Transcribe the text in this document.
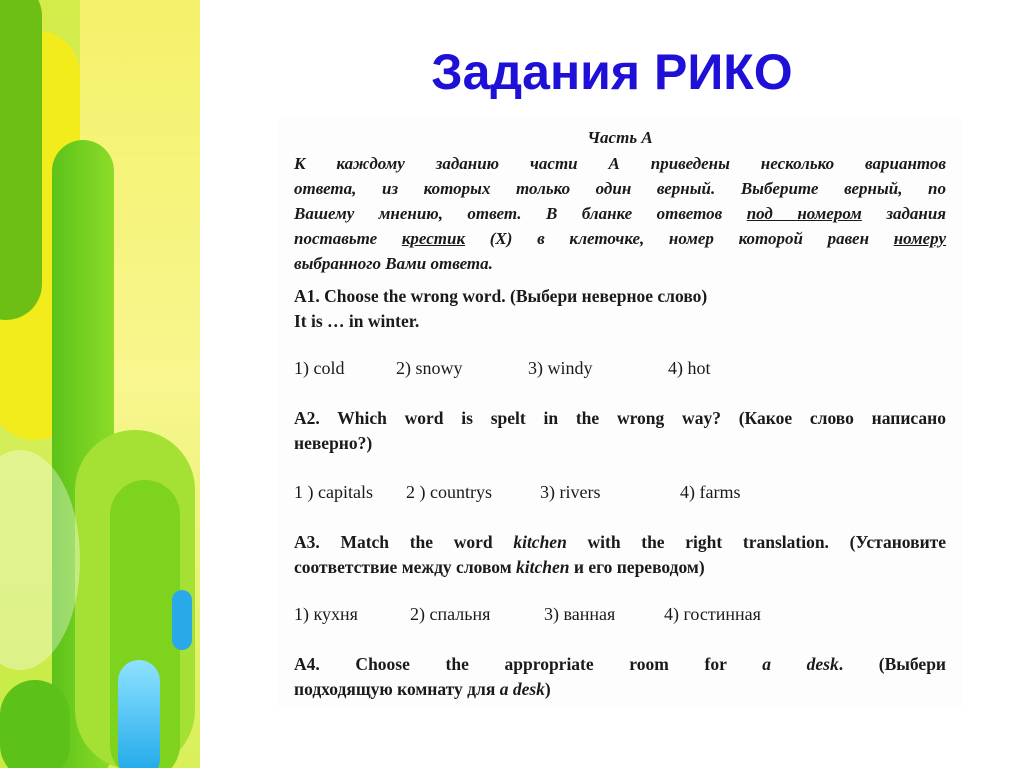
Задания РИКО
Часть А
К каждому заданию части А приведены несколько вариантов
ответа, из которых только один верный. Выберите верный, по
Вашему мнению, ответ. В бланке ответов под номером задания
поставьте крестик (Х) в клеточке, номер которой равен номеру
выбранного Вами ответа.
A1. Choose the wrong word. (Выбери неверное слово)
It is … in winter.
1) cold	2) snowy	3) windy	4) hot
A2. Which word is spelt in the wrong way? (Какое слово написано
неверно?)
1 ) capitals 2 ) countrys	3) rivers	4) farms
A3. Match the word kitchen with the right translation. (Установите
соответствие между словом kitchen и его переводом)
1) кухня	2) спальня	3) ванная	4) гостинная
A4. Choose the appropriate room for a desk. (Выбери
подходящую комнату для a desk)
